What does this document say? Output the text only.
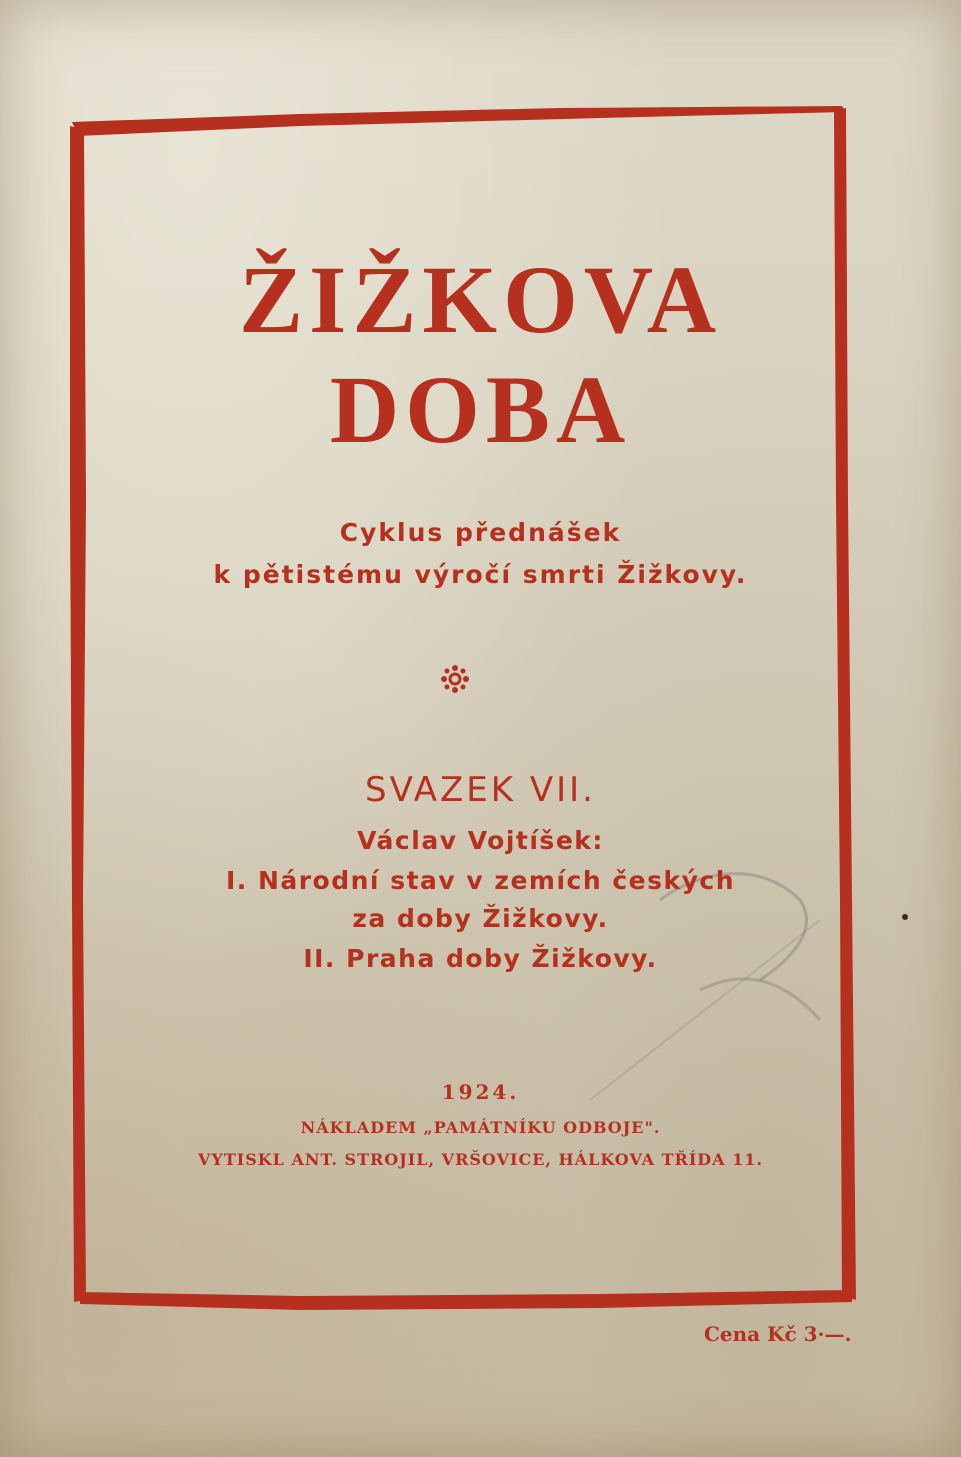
ŽIŽKOVA
DOBA
Cyklus přednášek
k pětistému výročí smrti Žižkovy.
SVAZEK VII.
Václav Vojtíšek:
I. Národní stav v zemích českých
za doby Žižkovy.
II. Praha doby Žižkovy.
1924.
NÁKLADEM „PAMÁTNÍKU ODBOJE".
VYTISKL ANT. STROJIL, VRŠOVICE, HÁLKOVA TŘÍDA 11.
Cena Kč 3·—.
